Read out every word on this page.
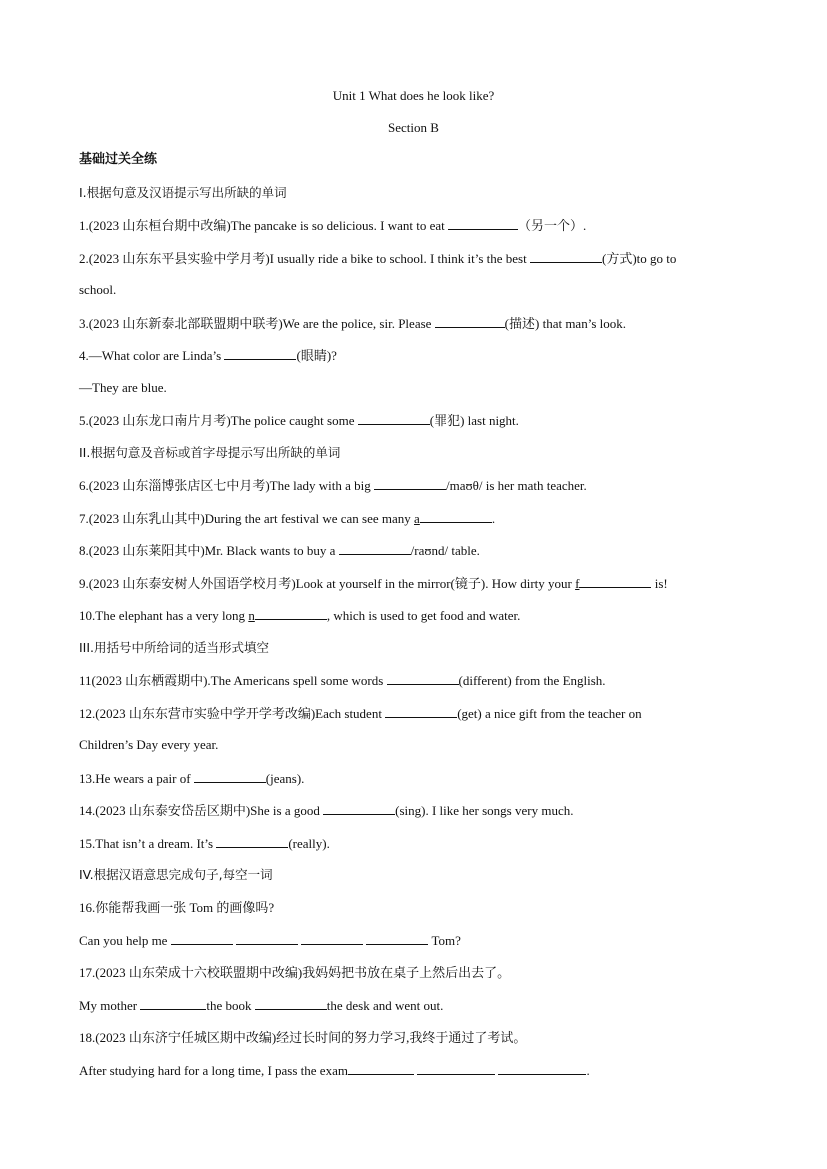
Unit 1 What does he look like?
Section B
基础过关全练
I.根据句意及汉语提示写出所缺的单词
1.(2023 山东桓台期中改编)The pancake is so delicious. I want to eat	（另一个）.
2.(2023 山东东平县实验中学月考)I usually ride a bike to school. I think it’s the best	(方式)to go to
school.
3.(2023 山东新泰北部联盟期中联考)We are the police, sir. Please	(描述) that man’s look.
4.—What color are Linda’s	(眼睛)?
—They are blue.
5.(2023 山东龙口南片月考)The police caught some	(罪犯) last night.
II.根据句意及音标或首字母提示写出所缺的单词
6.(2023 山东淄博张店区七中月考)The lady with a big	/maʊθ/ is her math teacher.
7.(2023 山东乳山其中)During the art festival we can see many a	.
8.(2023 山东莱阳其中)Mr. Black wants to buy a	/raʊnd/ table.
9.(2023 山东泰安树人外国语学校月考)Look at yourself in the mirror(镜子). How dirty your f	is!
10.The elephant has a very long n	, which is used to get food and water.
III.用括号中所给词的适当形式填空
11(2023 山东栖霞期中).The Americans spell some words	(different) from the English.
12.(2023 山东东营市实验中学开学考改编)Each student	(get) a nice gift from the teacher on
Children’s Day every year.
13.He wears a pair of	(jeans).
14.(2023 山东泰安岱岳区期中)She is a good	(sing). I like her songs very much.
15.That isn’t a dream. It’s	(really).
IV.根据汉语意思完成句子,每空一词
16.你能帮我画一张 Tom 的画像吗?
Can you help me	Tom?
17.(2023 山东荣成十六校联盟期中改编)我妈妈把书放在桌子上然后出去了。
My mother	the book	the desk and went out.
18.(2023 山东济宁任城区期中改编)经过长时间的努力学习,我终于通过了考试。
After studying hard for a long time, I pass the exam	.
